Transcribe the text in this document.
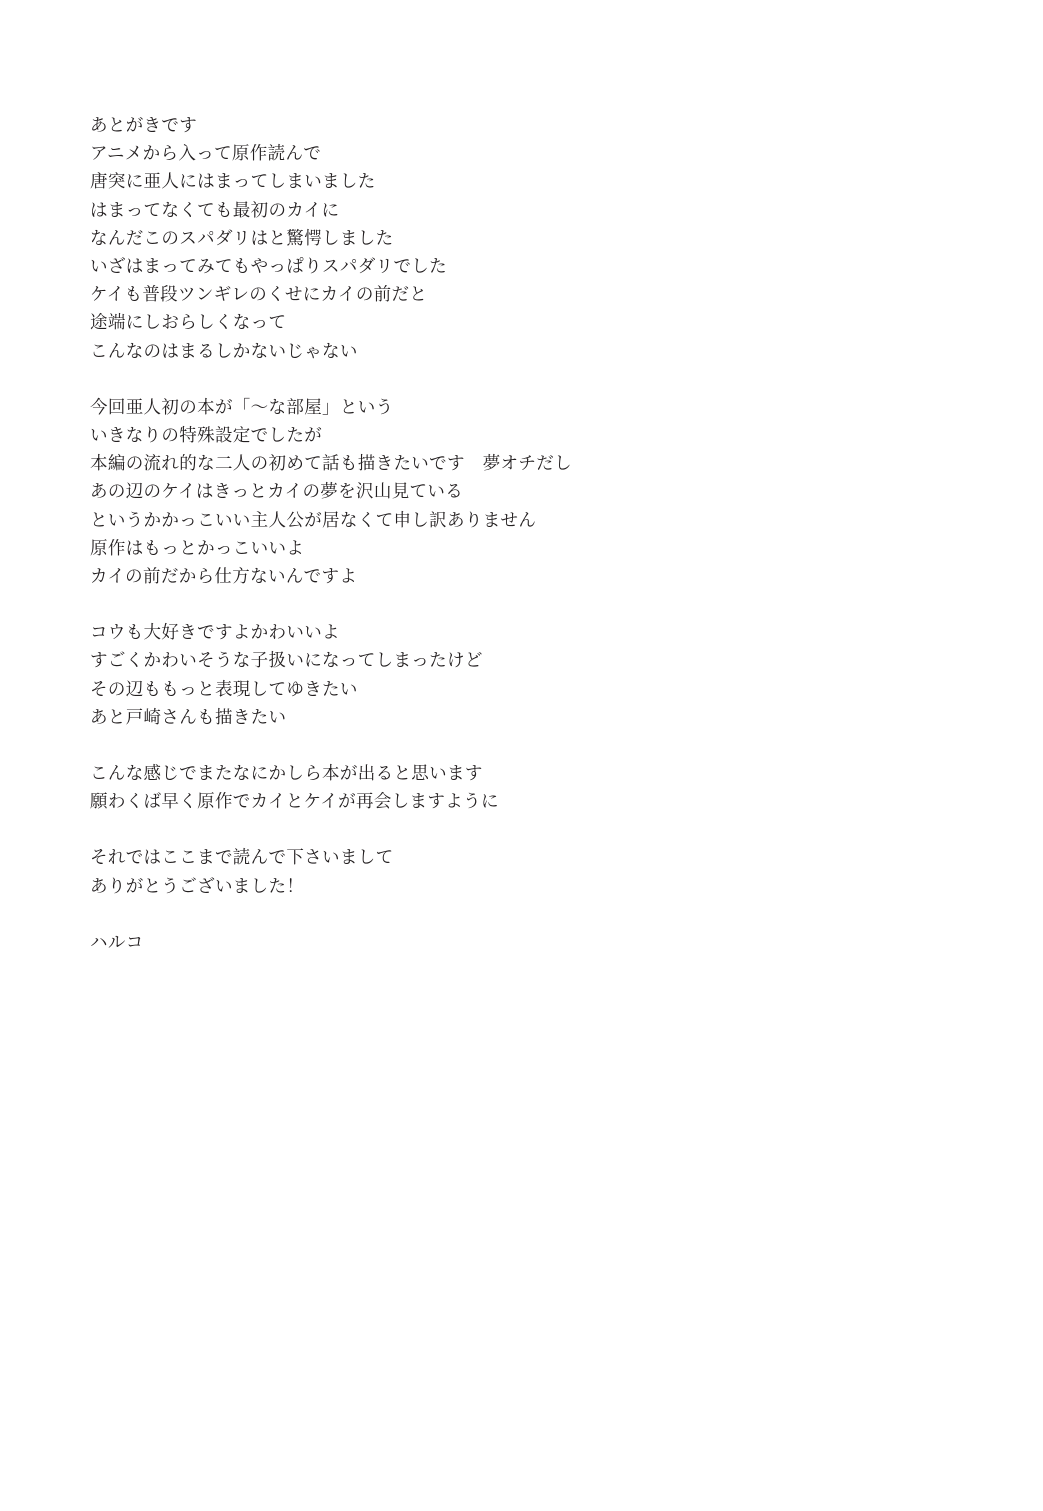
あとがきです
アニメから入って原作読んで
唐突に亜人にはまってしまいました
はまってなくても最初のカイに
なんだこのスパダリはと驚愕しました
いざはまってみてもやっぱりスパダリでした
ケイも普段ツンギレのくせにカイの前だと
途端にしおらしくなって
こんなのはまるしかないじゃない
今回亜人初の本が「〜な部屋」という
いきなりの特殊設定でしたが
本編の流れ的な二人の初めて話も描きたいです　夢オチだし
あの辺のケイはきっとカイの夢を沢山見ている
というかかっこいい主人公が居なくて申し訳ありません
原作はもっとかっこいいよ
カイの前だから仕方ないんですよ
コウも大好きですよかわいいよ
すごくかわいそうな子扱いになってしまったけど
その辺ももっと表現してゆきたい
あと戸崎さんも描きたい
こんな感じでまたなにかしら本が出ると思います
願わくば早く原作でカイとケイが再会しますように
それではここまで読んで下さいまして
ありがとうございました！
ハルコ
